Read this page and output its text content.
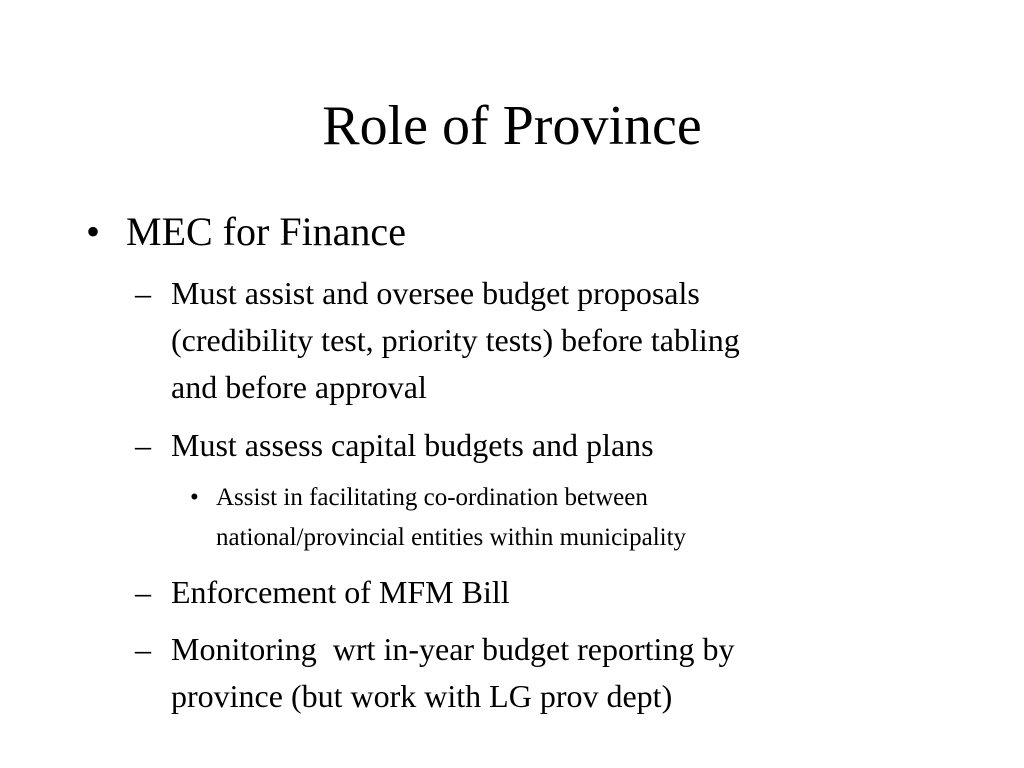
Role of Province
• MEC for Finance
– Must assist and oversee budget proposals
(credibility test, priority tests) before tabling
and before approval
– Must assess capital budgets and plans
• Assist in facilitating co-ordination between
national/provincial entities within municipality
– Enforcement of MFM Bill
– Monitoring  wrt in-year budget reporting by
province (but work with LG prov dept)
